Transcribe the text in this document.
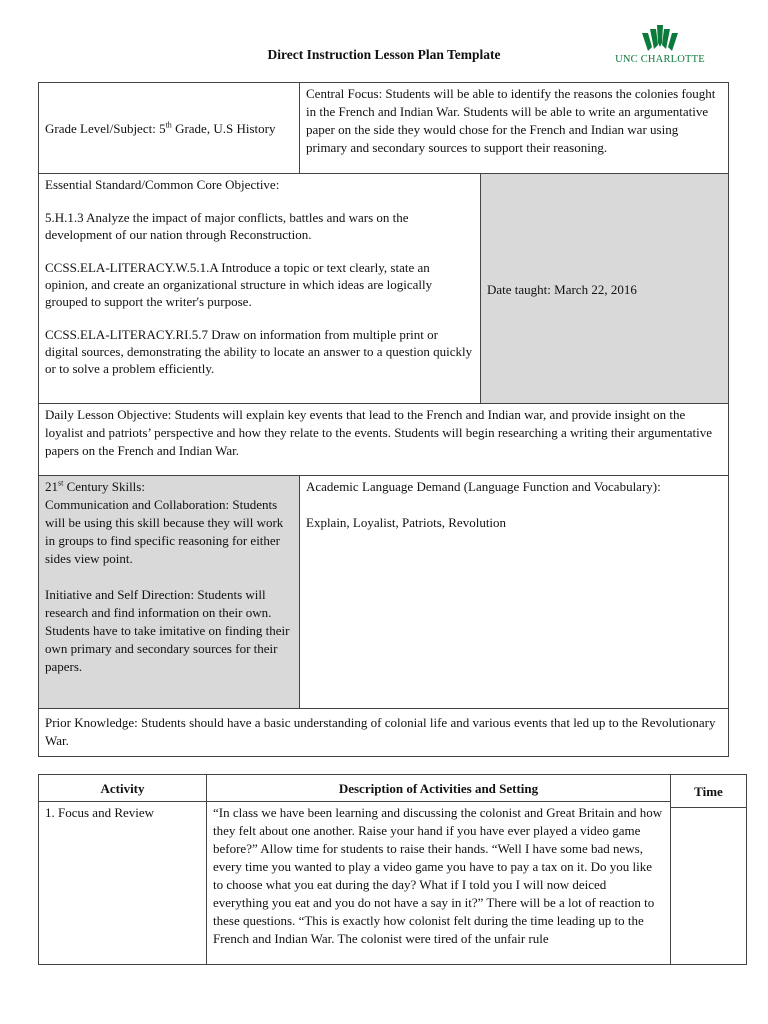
Direct Instruction Lesson Plan Template	UNC CHARLOTTE
Grade Level/Subject: 5th Grade, U.S History
Central Focus: Students will be able to identify the reasons the colonies fought in the French and Indian War. Students will be able to write an argumentative paper on the side they would chose for the French and Indian war using primary and secondary sources to support their reasoning.
Essential Standard/Common Core Objective:
5.H.1.3 Analyze the impact of major conflicts, battles and wars on the development of our nation through Reconstruction.
CCSS.ELA-LITERACY.W.5.1.A Introduce a topic or text clearly, state an opinion, and create an organizational structure in which ideas are logically grouped to support the writer's purpose.
CCSS.ELA-LITERACY.RI.5.7 Draw on information from multiple print or digital sources, demonstrating the ability to locate an answer to a question quickly or to solve a problem efficiently.
Date taught: March 22, 2016
Daily Lesson Objective: Students will explain key events that lead to the French and Indian war, and provide insight on the loyalist and patriots’ perspective and how they relate to the events. Students will begin researching a writing their argumentative papers on the French and Indian War.
21st Century Skills:
Communication and Collaboration: Students will be using this skill because they will work in groups to find specific reasoning for either sides view point.
Initiative and Self Direction: Students will research and find information on their own. Students have to take imitative on finding their own primary and secondary sources for their papers.
Academic Language Demand (Language Function and Vocabulary):
Explain, Loyalist, Patriots, Revolution
Prior Knowledge: Students should have a basic understanding of colonial life and various events that led up to the Revolutionary War.
Activity	Description of Activities and Setting	Time
1. Focus and Review	“In class we have been learning and discussing the colonist and Great Britain and how they felt about one another. Raise your hand if you have ever played a video game before?” Allow time for students to raise their hands. “Well I have some bad news, every time you wanted to play a video game you have to pay a tax on it. Do you like to choose what you eat during the day? What if I told you I will now deiced everything you eat and you do not have a say in it?” There will be a lot of reaction to these questions. “This is exactly how colonist felt during the time leading up to the French and Indian War. The colonist were tired of the unfair rule
